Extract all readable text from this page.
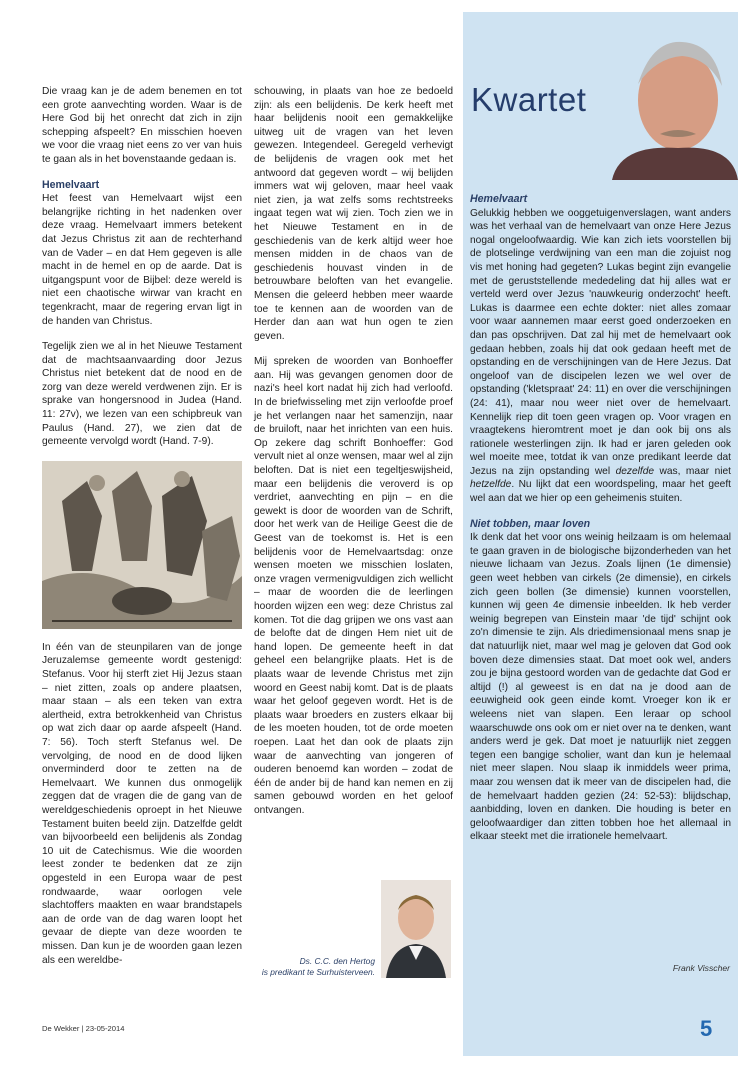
Die vraag kan je de adem benemen en tot een grote aanvechting worden. Waar is de Here God bij het onrecht dat zich in zijn schepping afspeelt? En misschien hoeven we voor die vraag niet eens zo ver van huis te gaan als in het bovenstaande gedaan is.

Hemelvaart

Het feest van Hemelvaart wijst een belangrijke richting in het nadenken over deze vraag. Hemelvaart immers betekent dat Jezus Christus zit aan de rechterhand van de Vader – en dat Hem gegeven is alle macht in de hemel en op de aarde. Dat is uitgangspunt voor de Bijbel: deze wereld is niet een chaotische wirwar van kracht en tegenkracht, maar de regering ervan ligt in de handen van Christus.

Tegelijk zien we al in het Nieuwe Testament dat de machtsaanvaarding door Jezus Christus niet betekent dat de nood en de zorg van deze wereld verdwenen zijn. Er is sprake van hongersnood in Judea (Hand. 11: 27v), we lezen van een schipbreuk van Paulus (Hand. 27), we zien dat de gemeente vervolgd wordt (Hand. 7-9).

In één van de steunpilaren van de jonge Jeruzalemse gemeente wordt gestenigd: Stefanus. Voor hij sterft ziet Hij Jezus staan – niet zitten, zoals op andere plaatsen, maar staan – als een teken van extra alertheid, extra betrokkenheid van Christus op wat zich daar op aarde afspeelt (Hand. 7: 56). Toch sterft Stefanus wel. De vervolging, de nood en de dood lijken onverminderd door te zetten na de Hemelvaart. We kunnen dus onmogelijk zeggen dat de vragen die de gang van de wereldgeschiedenis oproept in het Nieuwe Testament buiten beeld zijn. Datzelfde geldt van bijvoorbeeld een belijdenis als Zondag 10 uit de Catechismus. Wie die woorden leest zonder te bedenken dat ze zijn opgesteld in een Europa waar de pest rondwaarde, waar oorlogen vele slachtoffers maakten en waar brandstapels aan de orde van de dag waren loopt het gevaar de diepte van deze woorden te missen. Dan kun je de woorden gaan lezen als een wereldbe-

schouwing, in plaats van hoe ze bedoeld zijn: als een belijdenis. De kerk heeft met haar belijdenis nooit een gemakkelijke uitweg uit de vragen van het leven gewezen. Integendeel. Geregeld verhevigt de belijdenis de vragen ook met het antwoord dat gegeven wordt – wij belijden immers wat wij geloven, maar heel vaak niet zien, ja wat zelfs soms rechtstreeks ingaat tegen wat wij zien. Toch zien we in het Nieuwe Testament en in de geschiedenis van de kerk altijd weer hoe mensen midden in de chaos van de geschiedenis houvast vinden in de betrouwbare beloften van het evangelie. Mensen die geleerd hebben meer waarde toe te kennen aan de woorden van de Herder dan aan wat hun ogen te zien geven.

Mij spreken de woorden van Bonhoeffer aan. Hij was gevangen genomen door de nazi's heel kort nadat hij zich had verloofd. In de briefwisseling met zijn verloofde proef je het verlangen naar het samenzijn, naar de bruiloft, naar het inrichten van een huis. Op zekere dag schrift Bonhoeffer: God vervult niet al onze wensen, maar wel al zijn beloften. Dat is niet een tegeltjeswijsheid, maar een belijdenis die veroverd is op verdriet, aanvechting en pijn – en die gewekt is door de woorden van de Schrift, door het werk van de Heilige Geest die de Geest van de toekomst is. Het is een belijdenis voor de Hemelvaartsdag: onze wensen moeten we misschien loslaten, onze vragen vermenigvuldigen zich wellicht – maar de woorden die de leerlingen hoorden wijzen een weg: deze Christus zal komen. Tot die dag grijpen we ons vast aan de belofte dat de dingen Hem niet uit de hand lopen. De gemeente heeft in dat geheel een belangrijke plaats. Het is de plaats waar de levende Christus met zijn woord en Geest nabij komt. Dat is de plaats waar het geloof gegeven wordt. Het is de plaats waar broeders en zusters elkaar bij de les moeten houden, tot de orde moeten roepen. Laat het dan ook de plaats zijn waar de aanvechting van jongeren of ouderen benoemd kan worden – zodat de één de ander bij de hand kan nemen en zij samen gebouwd worden en het geloof ontvangen.

Ds. C.C. den Hertog
is predikant te Surhuisterveen.
Kwartet
Hemelvaart

Gelukkig hebben we ooggetuigenverslagen, want anders was het verhaal van de hemelvaart van onze Here Jezus nogal ongeloofwaardig. Wie kan zich iets voorstellen bij de plotselinge verdwijning van een man die zojuist nog vis met honing had gegeten? Lukas begint zijn evangelie met de geruststellende mededeling dat hij alles wat er verteld werd over Jezus 'nauwkeurig onderzocht' heeft. Lukas is daarmee een echte dokter: niet alles zomaar voor waar aannemen maar eerst goed onderzoeken en dan pas opschrijven. Dat zal hij met de hemelvaart ook gedaan hebben, zoals hij dat ook gedaan heeft met de opstanding en de verschijningen van de Here Jezus. Dat ongeloof van de discipelen lezen we wel over de opstanding ('kletspraat' 24: 11) en over die verschijningen (24: 41), maar nou weer niet over de hemelvaart. Kennelijk riep dit toen geen vragen op. Voor vragen en vraagtekens hieromtrent moet je dan ook bij ons als rationele westerlingen zijn. Ik had er jaren geleden ook wel moeite mee, totdat ik van onze predikant leerde dat Jezus na zijn opstanding wel dezelfde was, maar niet hetzelfde. Nu lijkt dat een woordspeling, maar het geeft wel aan dat we hier op een geheimenis stuiten.

Niet tobben, maar loven

Ik denk dat het voor ons weinig heilzaam is om helemaal te gaan graven in de biologische bijzonderheden van het nieuwe lichaam van Jezus. Zoals lijnen (1e dimensie) geen weet hebben van cirkels (2e dimensie), en cirkels zich geen bollen (3e dimensie) kunnen voorstellen, kunnen wij geen 4e dimensie inbeelden. Ik heb verder weinig begrepen van Einstein maar 'de tijd' schijnt ook zo'n dimensie te zijn. Als driedimensionaal mens snap je dat natuurlijk niet, maar wel mag je geloven dat God ook boven deze dimensies staat. Dat moet ook wel, anders zou je bijna gestoord worden van de gedachte dat God er altijd (!) al geweest is en dat na je dood aan de eeuwigheid ook geen einde komt. Vroeger kon ik er weleens niet van slapen. Een leraar op school waarschuwde ons ook om er niet over na te denken, want anders werd je gek. Dat moet je natuurlijk niet zeggen tegen een bangige scholier, want dan kun je helemaal niet meer slapen. Nou slaap ik inmiddels weer prima, maar zou wensen dat ik meer van de discipelen had, die de hemelvaart hadden gezien (24: 52-53): blijdschap, aanbidding, loven en danken. Die houding is beter en geloofwaardiger dan zitten tobben hoe het allemaal in elkaar steekt met die irrationele hemelvaart.

Frank Visscher
De Wekker | 23-05-2014	5
